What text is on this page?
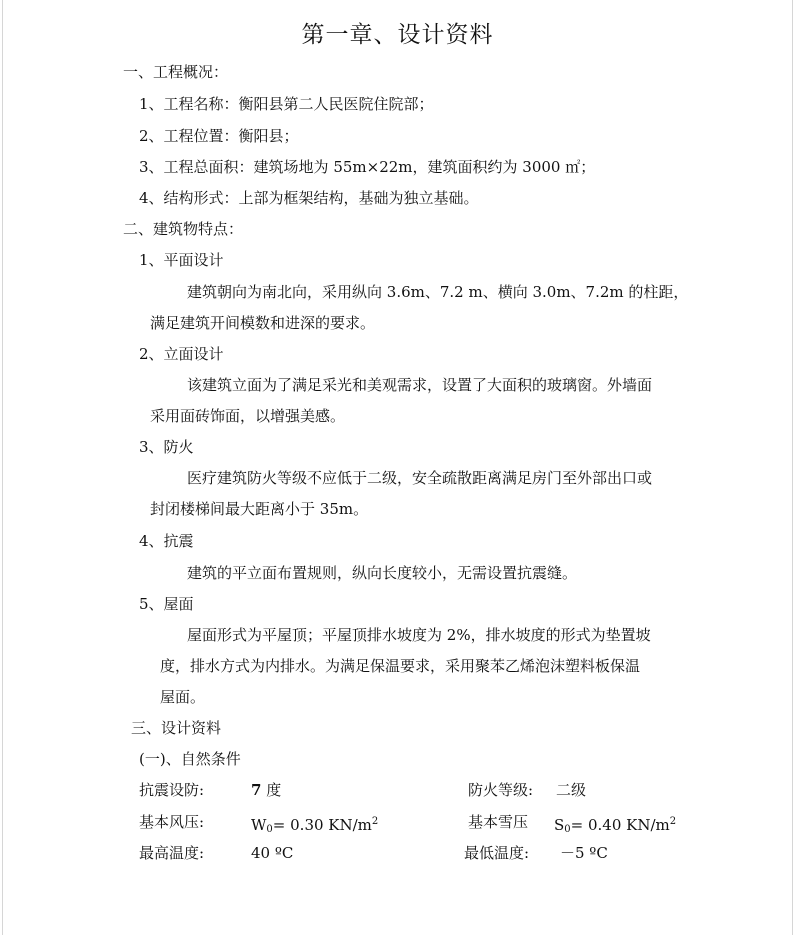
第一章、设计资料
一、工程概况：
1、工程名称：衡阳县第二人民医院住院部；
2、工程位置：衡阳县；
3、工程总面积：建筑场地为 55m×22m，建筑面积约为 3000 ㎡；
4、结构形式：上部为框架结构，基础为独立基础。
二、建筑物特点：
1、平面设计
建筑朝向为南北向，采用纵向 3.6m、7.2 m、横向 3.0m、7.2m 的柱距，
满足建筑开间模数和进深的要求。
2、立面设计
该建筑立面为了满足采光和美观需求，设置了大面积的玻璃窗。外墙面
采用面砖饰面，以增强美感。
3、防火
医疗建筑防火等级不应低于二级，安全疏散距离满足房门至外部出口或
封闭楼梯间最大距离小于 35m。
4、抗震
建筑的平立面布置规则，纵向长度较小，无需设置抗震缝。
5、屋面
屋面形式为平屋顶；平屋顶排水坡度为 2%，排水坡度的形式为垫置坡
度，排水方式为内排水。为满足保温要求，采用聚苯乙烯泡沫塑料板保温
屋面。
三、设计资料
(一)、自然条件
抗震设防:	7 度	防火等级: 二级
基本风压:	$W_0= 0.30$ $KN/m^2$	基本雪压 $S_0= 0.40$ $KN/m^2$
最高温度:	40 ºC	最低温度: －5 ºC
